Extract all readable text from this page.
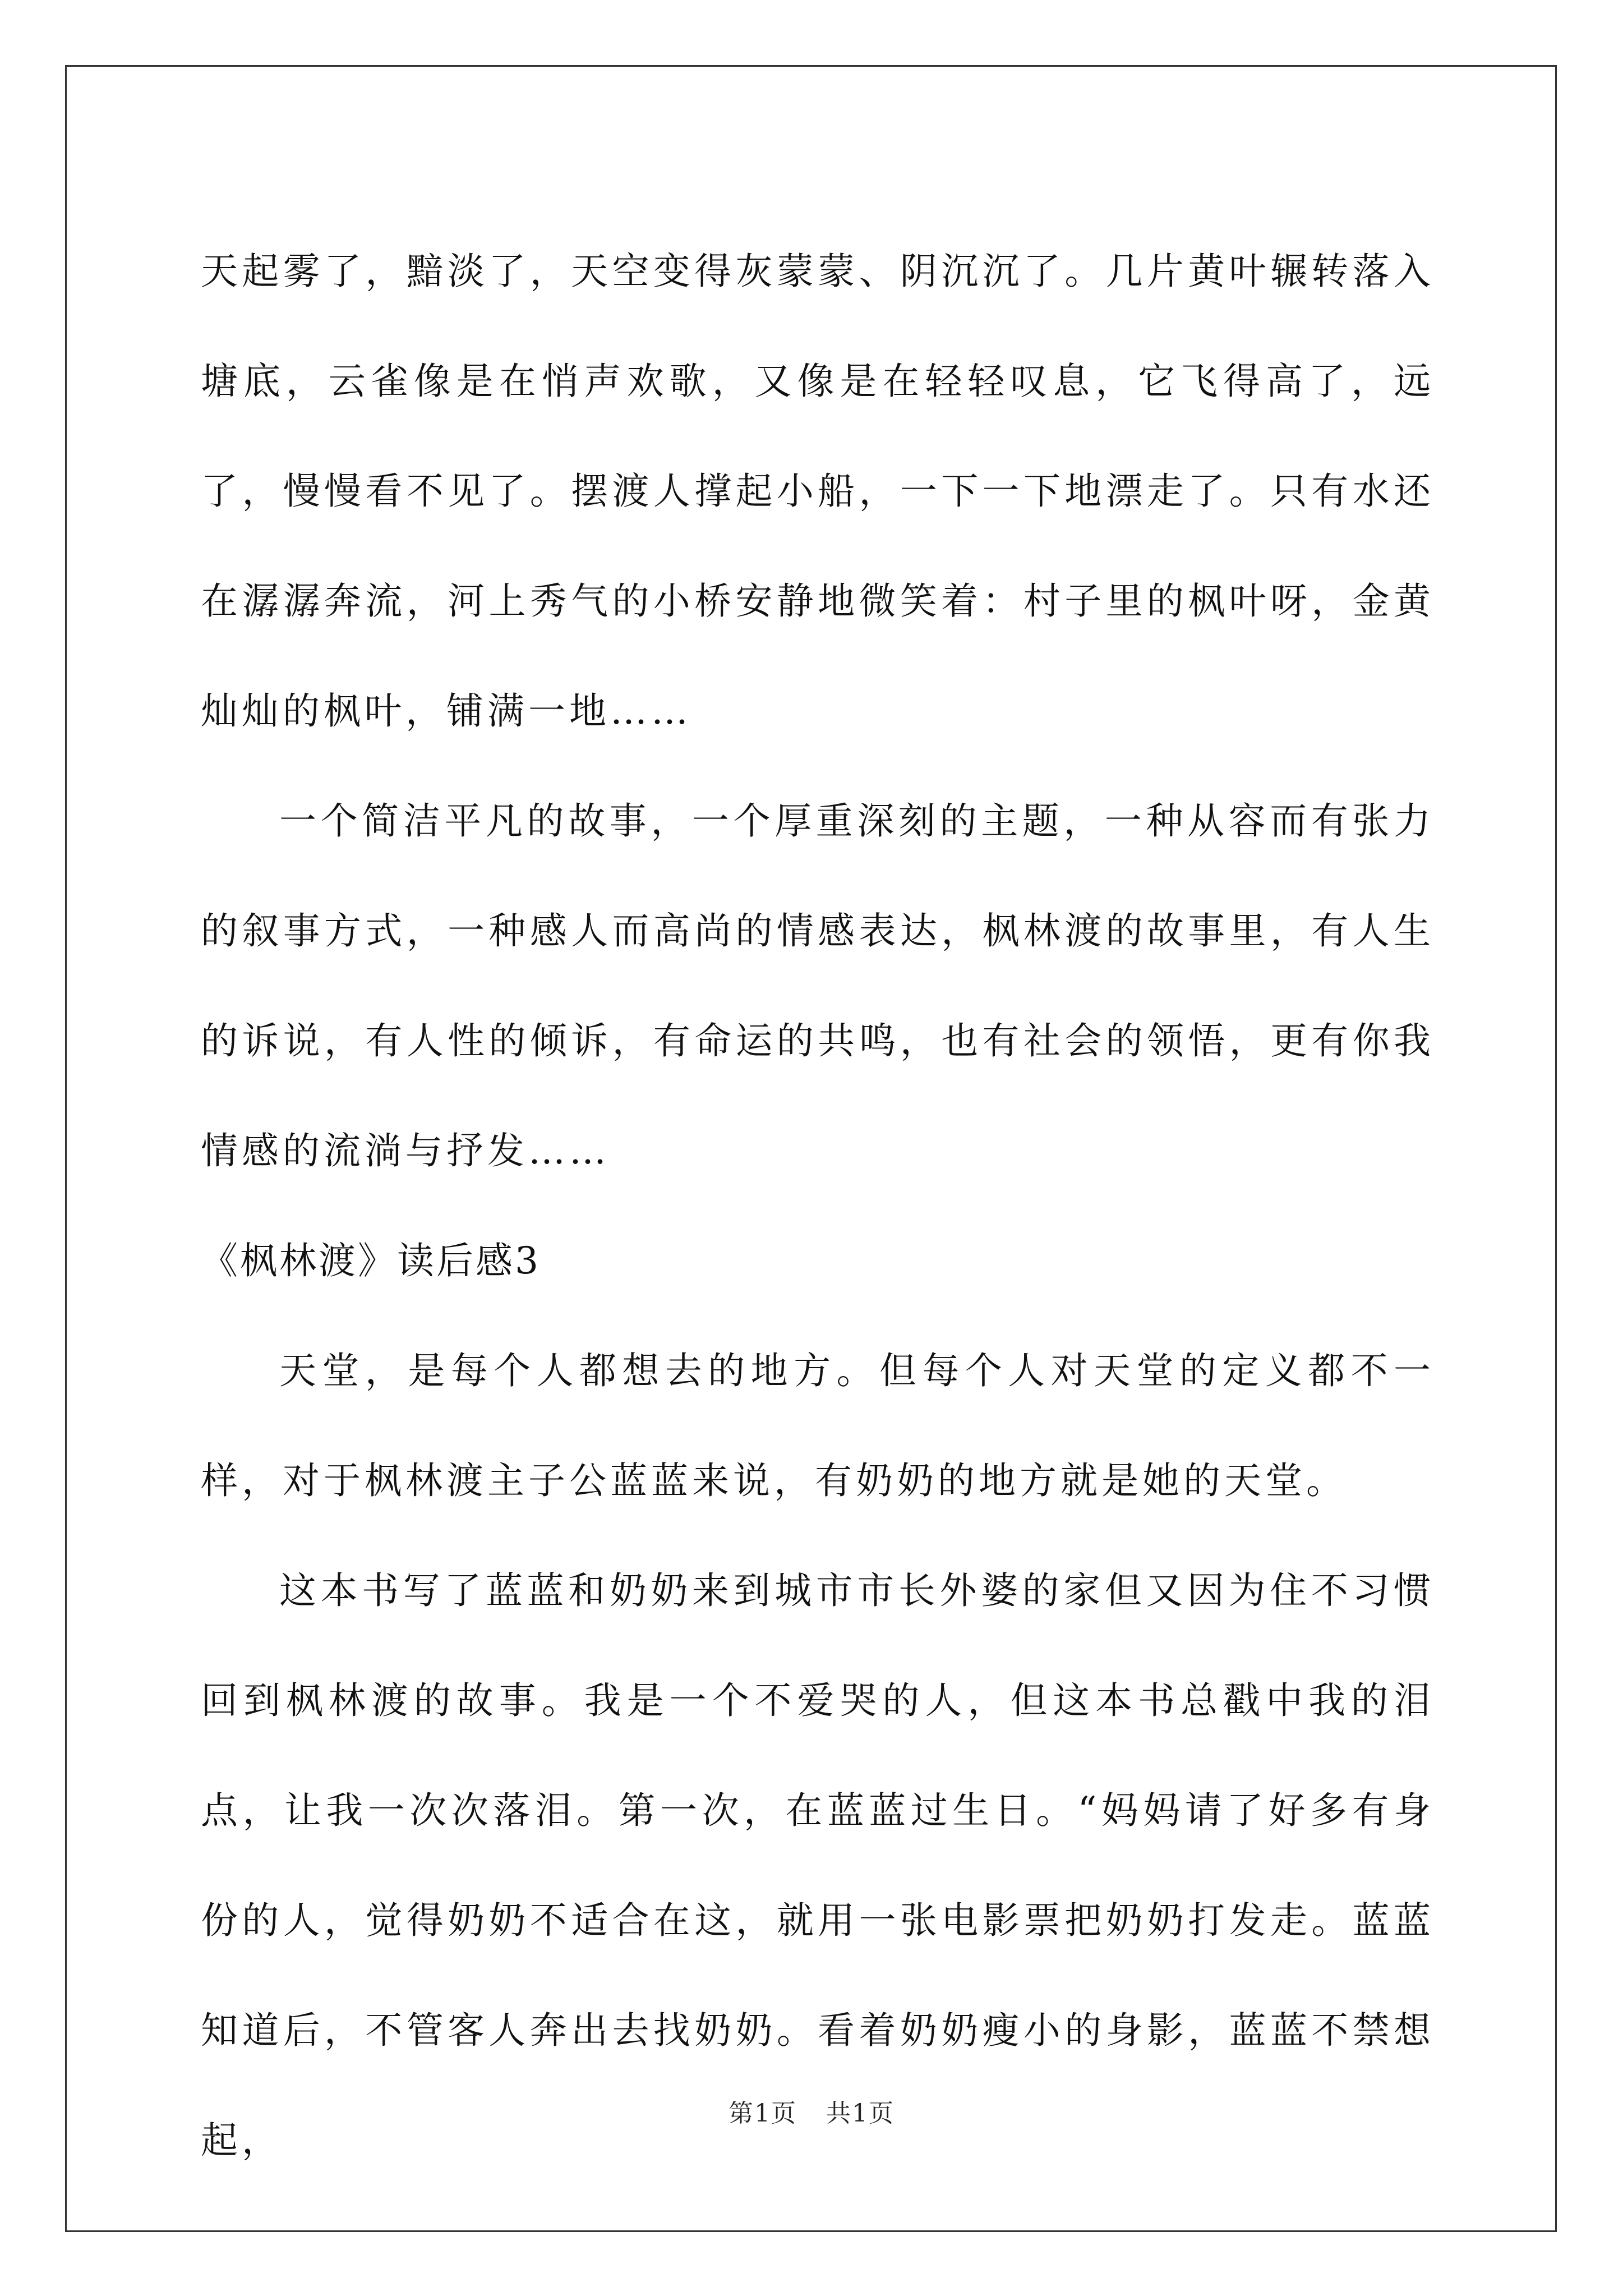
天起雾了，黯淡了，天空变得灰蒙蒙、阴沉沉了。几片黄叶辗转落入塘底，云雀像是在悄声欢歌，又像是在轻轻叹息，它飞得高了，远了，慢慢看不见了。摆渡人撑起小船，一下一下地漂走了。只有水还在潺潺奔流，河上秀气的小桥安静地微笑着：村子里的枫叶呀，金黄灿灿的枫叶，铺满一地……

一个简洁平凡的故事，一个厚重深刻的主题，一种从容而有张力的叙事方式，一种感人而高尚的情感表达，枫林渡的故事里，有人生的诉说，有人性的倾诉，有命运的共鸣，也有社会的领悟，更有你我情感的流淌与抒发……

《枫林渡》读后感3

天堂，是每个人都想去的地方。但每个人对天堂的定义都不一样，对于枫林渡主子公蓝蓝来说，有奶奶的地方就是她的天堂。

这本书写了蓝蓝和奶奶来到城市市长外婆的家但又因为住不习惯回到枫林渡的故事。我是一个不爱哭的人，但这本书总戳中我的泪点，让我一次次落泪。第一次，在蓝蓝过生日。“妈妈请了好多有身份的人，觉得奶奶不适合在这，就用一张电影票把奶奶打发走。蓝蓝知道后，不管客人奔出去找奶奶。看着奶奶瘦小的身影，蓝蓝不禁想起，

第1页 共1页
